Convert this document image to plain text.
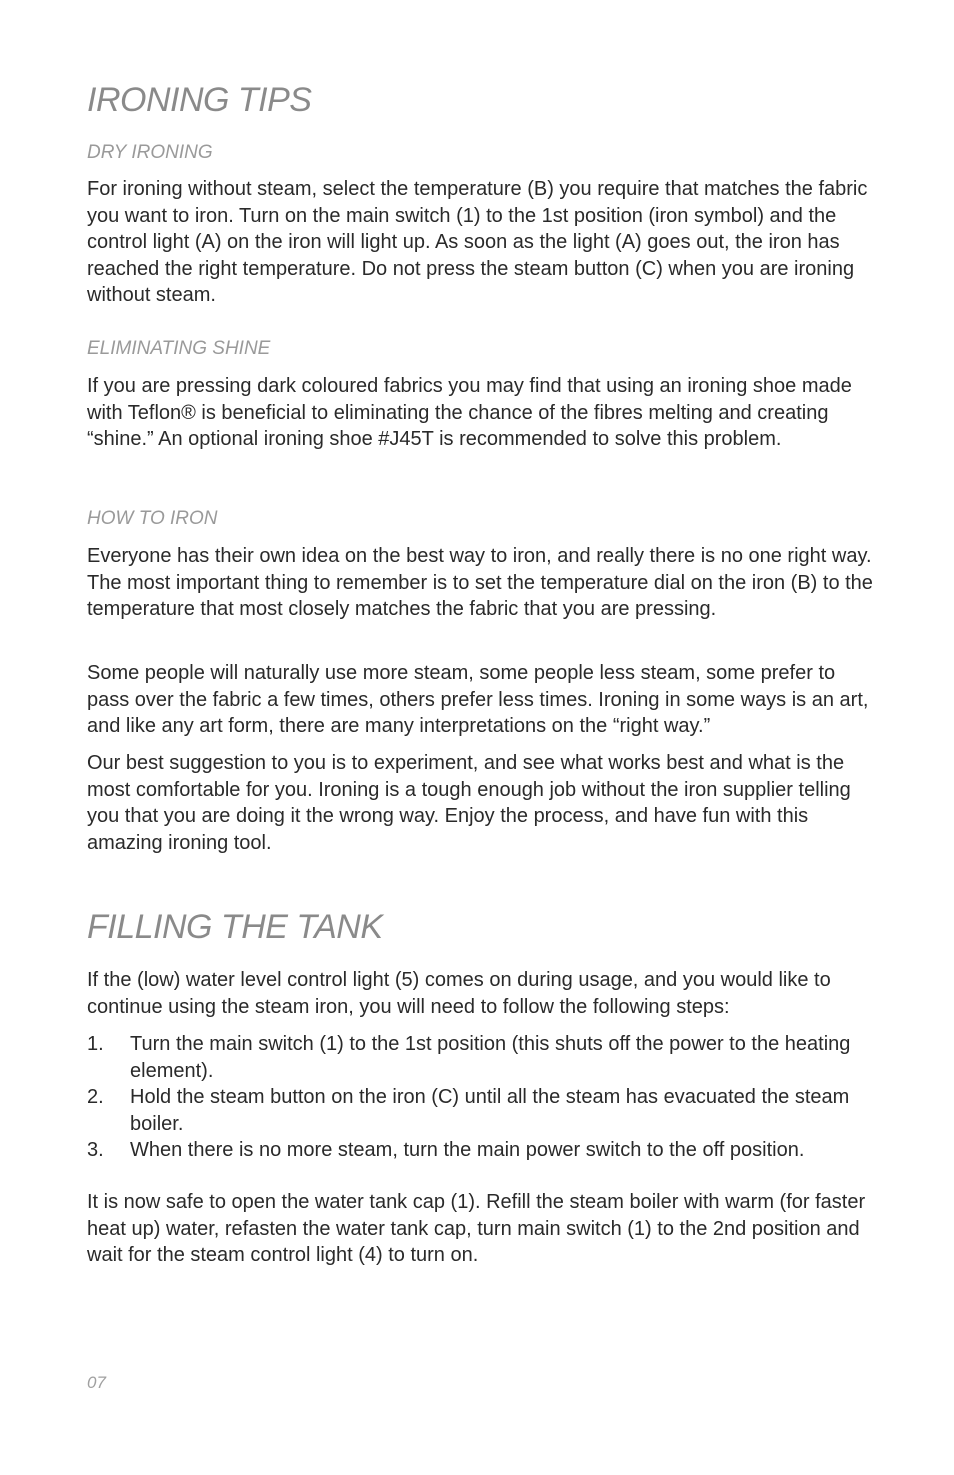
IRONING TIPS
DRY IRONING

For ironing without steam, select the temperature (B) you require that matches the fabric you want to iron. Turn on the main switch (1) to the 1st position (iron symbol) and the control light (A) on the iron will light up. As soon as the light (A) goes out, the iron has reached the right temperature. Do not press the steam button (C) when you are ironing without steam.

ELIMINATING SHINE

If you are pressing dark coloured fabrics you may find that using an ironing shoe made with Teflon® is beneficial to eliminating the chance of the fibres melting and creating “shine.” An optional ironing shoe #J45T is recommended to solve this problem.

HOW TO IRON

Everyone has their own idea on the best way to iron, and really there is no one right way. The most important thing to remember is to set the temperature dial on the iron (B) to the temperature that most closely matches the fabric that you are pressing.

Some people will naturally use more steam, some people less steam, some prefer to pass over the fabric a few times, others prefer less times. Ironing in some ways is an art, and like any art form, there are many interpretations on the “right way.”

Our best suggestion to you is to experiment, and see what works best and what is the most comfortable for you. Ironing is a tough enough job without the iron supplier telling you that you are doing it the wrong way. Enjoy the process, and have fun with this amazing ironing tool.

FILLING THE TANK

If the (low) water level control light (5) comes on during usage, and you would like to continue using the steam iron, you will need to follow the following steps:

1. Turn the main switch (1) to the 1st position (this shuts off the power to the heating element).
2. Hold the steam button on the iron (C) until all the steam has evacuated the steam boiler.
3. When there is no more steam, turn the main power switch to the off position.

It is now safe to open the water tank cap (1). Refill the steam boiler with warm (for faster heat up) water, refasten the water tank cap, turn main switch (1) to the 2nd position and wait for the steam control light (4) to turn on.

07
